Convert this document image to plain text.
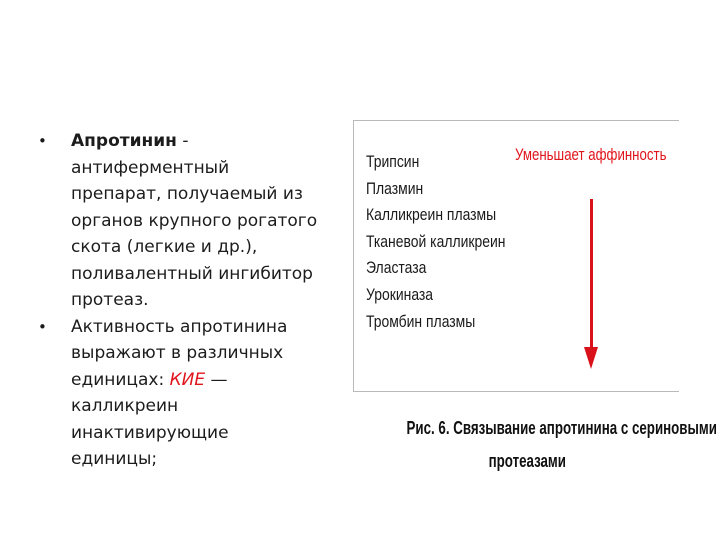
• Апротинин -
антиферментный
препарат, получаемый из
органов крупного рогатого
скота (легкие и др.),
поливалентный ингибитор
протеаз.
• Активность апротинина
выражают в различных
единицах: КИЕ —
калликреин
инактивирующие
единицы;
Трипсин
Плазмин
Калликреин плазмы
Тканевой калликреин
Эластаза
Урокиназа
Тромбин плазмы
Уменьшает аффинность
Рис. 6. Связывание апротинина с сериновыми
протеазами
